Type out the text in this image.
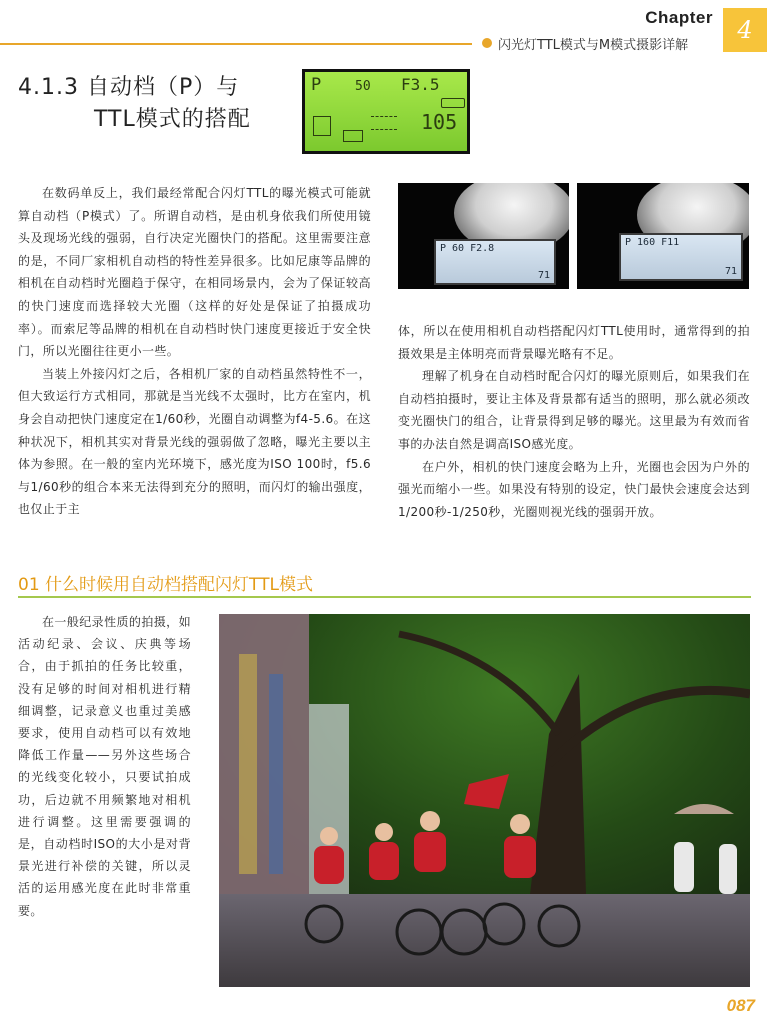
Chapter	4
闪光灯TTL模式与M模式摄影详解
4.1.3 自动档（P）与
TTL模式的搭配
P	50 F3.5
105
P 60 F2.8
71
P 160 F11
71

在数码单反上，我们最经常配合闪灯TTL的曝光模式可能就算自动档（P模式）了。所谓自动档，是由机身依我们所使用镜头及现场光线的强弱，自行决定光圈快门的搭配。这里需要注意的是，不同厂家相机自动档的特性差异很多。比如尼康等品牌的相机在自动档时光圈趋于保守，在相同场景内，会为了保证较高的快门速度而选择较大光圈（这样的好处是保证了拍摄成功率）。而索尼等品牌的相机在自动档时快门速度更接近于安全快门，所以光圈往往更小一些。

当装上外接闪灯之后，各相机厂家的自动档虽然特性不一，但大致运行方式相同，那就是当光线不太强时，比方在室内，机身会自动把快门速度定在1/60秒，光圈自动调整为f4-5.6。在这种状况下，相机其实对背景光线的强弱做了忽略，曝光主要以主体为参照。在一般的室内光环境下，感光度为ISO 100时，f5.6与1/60秒的组合本来无法得到充分的照明，而闪灯的输出强度，也仅止于主

体，所以在使用相机自动档搭配闪灯TTL使用时，通常得到的拍摄效果是主体明亮而背景曝光略有不足。

理解了机身在自动档时配合闪灯的曝光原则后，如果我们在自动档拍摄时，要让主体及背景都有适当的照明，那么就必须改变光圈快门的组合，让背景得到足够的曝光。这里最为有效而省事的办法自然是调高ISO感光度。

在户外，相机的快门速度会略为上升，光圈也会因为户外的强光而缩小一些。如果没有特别的设定，快门最快会速度会达到1/200秒-1/250秒，光圈则视光线的强弱开放。

01 什么时候用自动档搭配闪灯TTL模式

在一般纪录性质的拍摄，如活动纪录、会议、庆典等场合，由于抓拍的任务比较重，没有足够的时间对相机进行精细调整，记录意义也重过美感要求，使用自动档可以有效地降低工作量——另外这些场合的光线变化较小，只要试拍成功，后边就不用频繁地对相机进行调整。这里需要强调的是，自动档时ISO的大小是对背景光进行补偿的关键，所以灵活的运用感光度在此时非常重要。

087
